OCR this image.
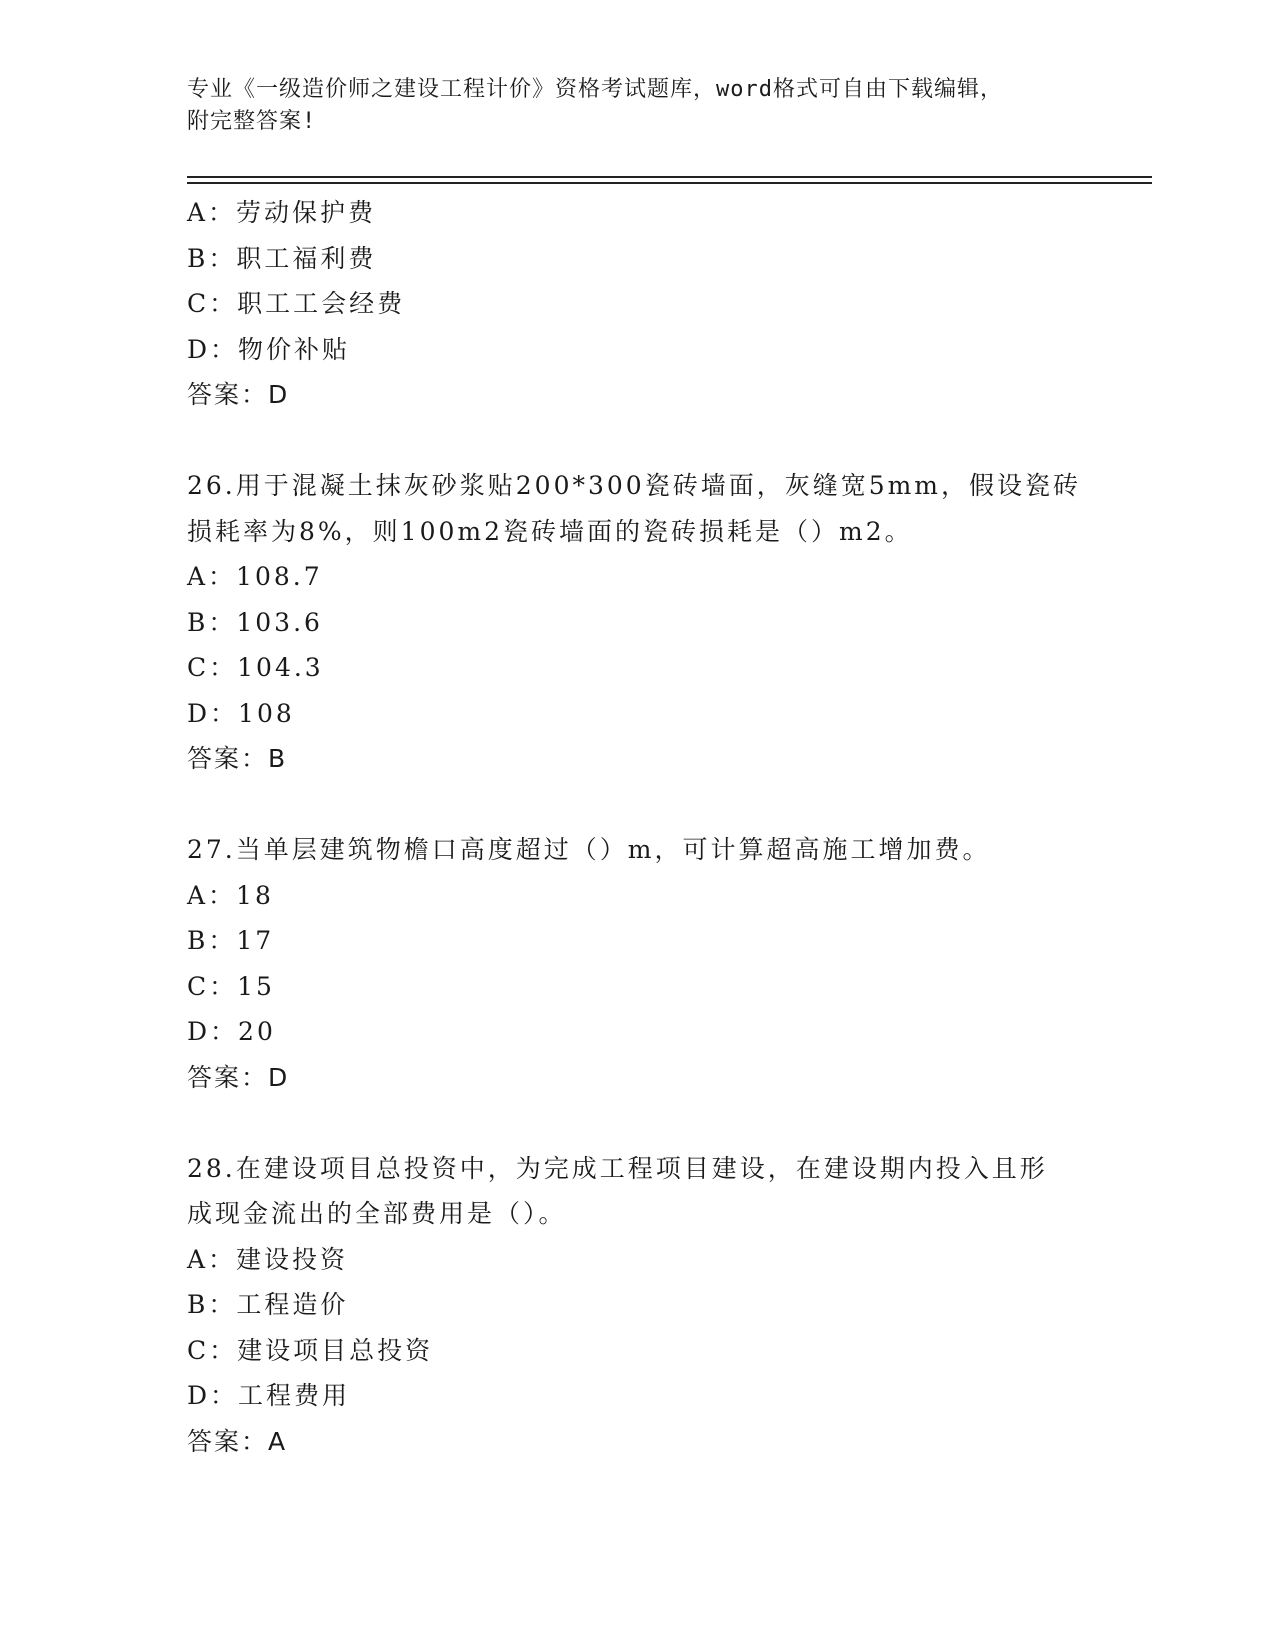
专业《一级造价师之建设工程计价》资格考试题库，word格式可自由下载编辑，
附完整答案!
A：劳动保护费
B：职工福利费
C：职工工会经费
D：物价补贴
答案：D
26.用于混凝土抹灰砂浆贴200*300瓷砖墙面，灰缝宽5mm，假设瓷砖
损耗率为8%，则100m2瓷砖墙面的瓷砖损耗是（）m2。
A：108.7
B：103.6
C：104.3
D：108
答案：B
27.当单层建筑物檐口高度超过（）m，可计算超高施工增加费。
A：18
B：17
C：15
D：20
答案：D
28.在建设项目总投资中，为完成工程项目建设，在建设期内投入且形
成现金流出的全部费用是（）。
A：建设投资
B：工程造价
C：建设项目总投资
D：工程费用
答案：A
